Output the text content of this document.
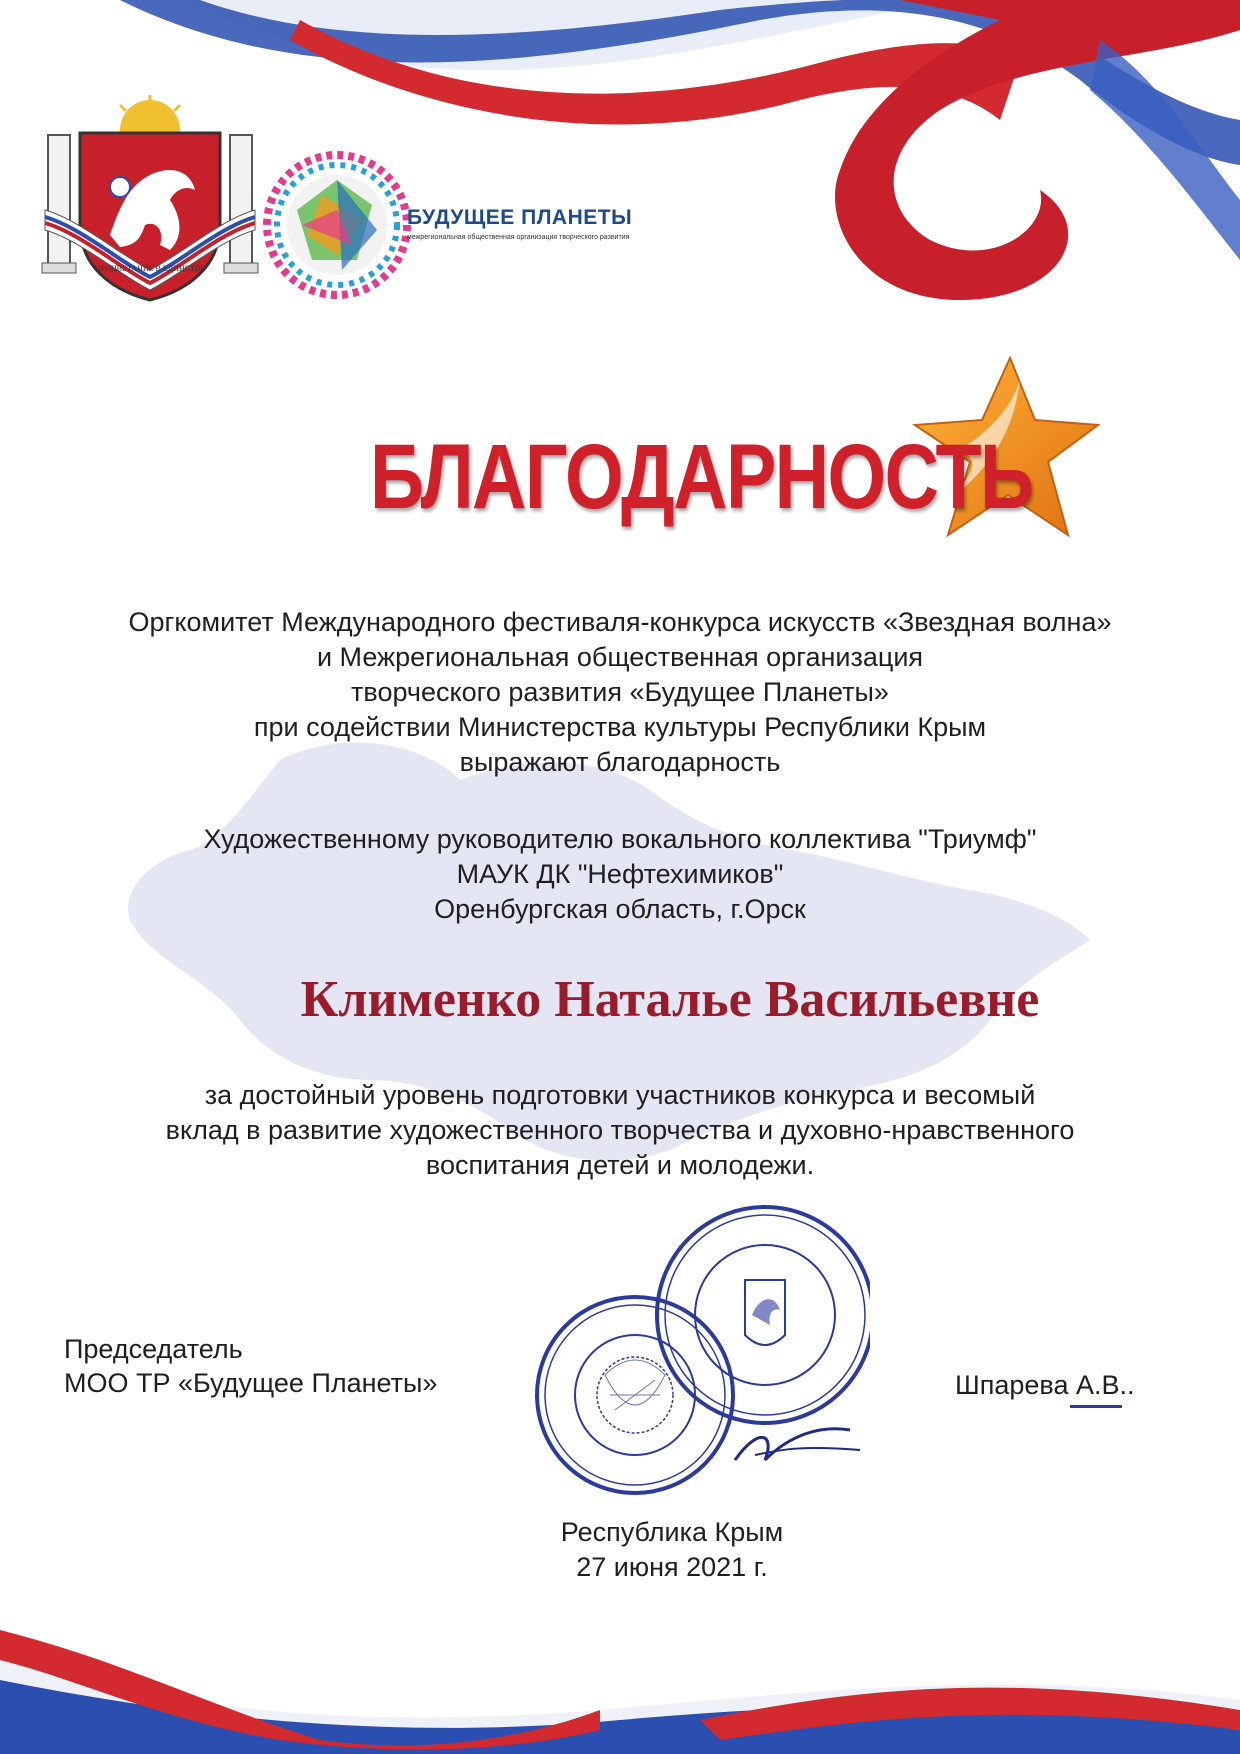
ПРОЦВЕТАНИЕ В ЕДИНСТВЕ
БУДУЩЕЕ ПЛАНЕТЫ
межрегиональная общественная организация творческого развития
БЛАГОДАРНОСТЬ
Оргкомитет Международного фестиваля-конкурса искусств «Звездная волна»
и Межрегиональная общественная организация
творческого развития «Будущее Планеты»
при содействии Министерства культуры Республики Крым
выражают благодарность
Художественному руководителю вокального коллектива "Триумф"
МАУК ДК "Нефтехимиков"
Оренбургская область, г.Орск
Клименко Наталье Васильевне
за достойный уровень подготовки участников конкурса и весомый
вклад в развитие художественного творчества и духовно-нравственного
воспитания детей и молодежи.
Председатель
МОО ТР «Будущее Планеты»	Шпарева А.В..
Республика Крым
27 июня 2021 г.
